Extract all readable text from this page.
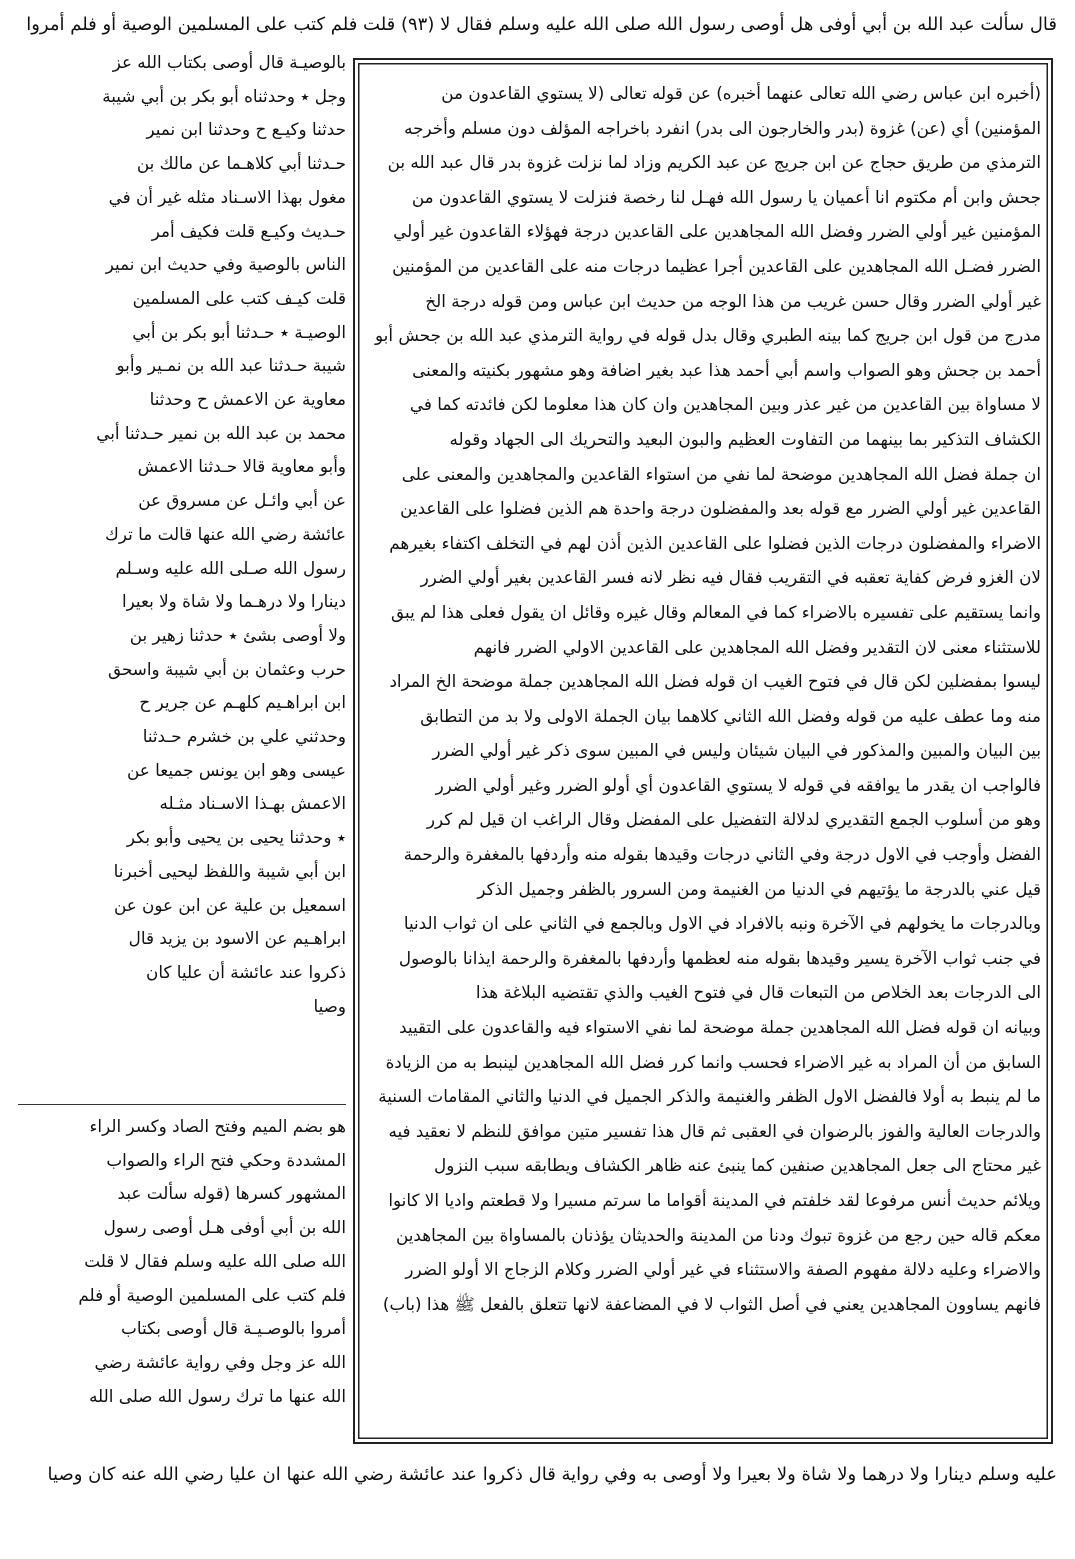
قال سألت عبد الله بن أبي أوفى هل أوصى رسول الله صلى الله عليه وسلم فقال لا (٩٣) قلت فلم كتب على المسلمين الوصية أو فلم أمروا
بالوصيـة قال أوصى بكتاب الله عز
وجل ٭ وحدثناه أبو بكر بن أبي شيبة
حدثنا وكيـع ح وحدثنا ابن نمير
حـدثنا أبي كلاهـما عن مالك بن
مغول بهذا الاسـناد مثله غير أن في
حـديث وكيـع قلت فكيف أمر
الناس بالوصية وفي حديث ابن نمير
قلت كيـف كتب على المسلمين
الوصيـة ٭ حـدثنا أبو بكر بن أبي
شيبة حـدثنا عبد الله بن نمـير وأبو
معاوية عن الاعمش ح وحدثنا
محمد بن عبد الله بن نمير حـدثنا أبي
وأبو معاوية قالا حـدثنا الاعمش
عن أبي وائـل عن مسروق عن
عائشة رضي الله عنها قالت ما ترك
رسول الله صـلى الله عليه وسـلم
دينارا ولا درهـما ولا شاة ولا بعيرا
ولا أوصى بشئ ٭ حدثنا زهير بن
حرب وعثمان بن أبي شيبة واسحق
ابن ابراهـيم كلهـم عن جرير ح
وحدثني علي بن خشرم حـدثنا
عيسى وهو ابن يونس جميعا عن
الاعمش بهـذا الاسـناد مثـله
٭ وحدثنا يحيى بن يحيى وأبو بكر
ابن أبي شيبة واللفظ ليحيى أخبرنا
اسمعيل بن علية عن ابن عون عن
ابراهـيم عن الاسود بن يزيد قال
ذكروا عند عائشة أن عليا كان
وصيا
هو بضم الميم وفتح الصاد وكسر الراء
المشددة وحكي فتح الراء والصواب
المشهور كسرها (قوله سألت عبد
الله بن أبي أوفى هـل أوصى رسول
الله صلى الله عليه وسلم فقال لا قلت
فلم كتب على المسلمين الوصية أو فلم
أمروا بالوصـيـة قال أوصى بكتاب
الله عز وجل وفي رواية عائشة رضي
الله عنها ما ترك رسول الله صلى الله
(أخبره ابن عباس رضي الله تعالى عنهما أخبره) عن قوله تعالى (لا يستوي القاعدون من
المؤمنين) أي (عن) غزوة (بدر والخارجون الى بدر) انفرد باخراجه المؤلف دون مسلم وأخرجه
الترمذي من طريق حجاج عن ابن جريج عن عبد الكريم وزاد لما نزلت غزوة بدر قال عبد الله بن
جحش وابن أم مكتوم انا أعميان يا رسول الله فهـل لنا رخصة فنزلت لا يستوي القاعدون من
المؤمنين غير أولي الضرر وفضل الله المجاهدين على القاعدين درجة فهؤلاء القاعدون غير أولي
الضرر فضـل الله المجاهدين على القاعدين أجرا عظيما درجات منه على القاعدين من المؤمنين
غير أولي الضرر وقال حسن غريب من هذا الوجه من حديث ابن عباس ومن قوله درجة الخ
مدرج من قول ابن جريج كما بينه الطبري وقال بدل قوله في رواية الترمذي عبد الله بن جحش أبو
أحمد بن جحش وهو الصواب واسم أبي أحمد هذا عبد بغير اضافة وهو مشهور بكنيته والمعنى
لا مساواة بين القاعدين من غير عذر وبين المجاهدين وان كان هذا معلوما لكن فائدته كما في
الكشاف التذكير بما بينهما من التفاوت العظيم والبون البعيد والتحريك الى الجهاد وقوله
ان جملة فضل الله المجاهدين موضحة لما نفي من استواء القاعدين والمجاهدين والمعنى على
القاعدين غير أولي الضرر مع قوله بعد والمفضلون درجة واحدة هم الذين فضلوا على القاعدين
الاضراء والمفضلون درجات الذين فضلوا على القاعدين الذين أذن لهم في التخلف اكتفاء بغيرهم
لان الغزو فرض كفاية تعقبه في التقريب فقال فيه نظر لانه فسر القاعدين بغير أولي الضرر
وانما يستقيم على تفسيره بالاضراء كما في المعالم وقال غيره وقائل ان يقول فعلى هذا لم يبق
للاستثناء معنى لان التقدير وفضل الله المجاهدين على القاعدين الاولي الضرر فانهم
ليسوا بمفضلين لكن قال في فتوح الغيب ان قوله فضل الله المجاهدين جملة موضحة الخ المراد
منه وما عطف عليه من قوله وفضل الله الثاني كلاهما بيان الجملة الاولى ولا بد من التطابق
بين البيان والمبين والمذكور في البيان شيئان وليس في المبين سوى ذكر غير أولي الضرر
فالواجب ان يقدر ما يوافقه في قوله لا يستوي القاعدون أي أولو الضرر وغير أولي الضرر
وهو من أسلوب الجمع التقديري لدلالة التفضيل على المفضل وقال الراغب ان قيل لم كرر
الفضل وأوجب في الاول درجة وفي الثاني درجات وقيدها بقوله منه وأردفها بالمغفرة والرحمة
قيل عني بالدرجة ما يؤتيهم في الدنيا من الغنيمة ومن السرور بالظفر وجميل الذكر
وبالدرجات ما يخولهم في الآخرة ونبه بالافراد في الاول وبالجمع في الثاني على ان ثواب الدنيا
في جنب ثواب الآخرة يسير وقيدها بقوله منه لعظمها وأردفها بالمغفرة والرحمة ايذانا بالوصول
الى الدرجات بعد الخلاص من التبعات قال في فتوح الغيب والذي تقتضيه البلاغة هذا
وبيانه ان قوله فضل الله المجاهدين جملة موضحة لما نفي الاستواء فيه والقاعدون على التقييد
السابق من أن المراد به غير الاضراء فحسب وانما كرر فضل الله المجاهدين لينبط به من الزيادة
ما لم ينبط به أولا فالفضل الاول الظفر والغنيمة والذكر الجميل في الدنيا والثاني المقامات السنية
والدرجات العالية والفوز بالرضوان في العقبى ثم قال هذا تفسير متين موافق للنظم لا نعقيد فيه
غير محتاج الى جعل المجاهدين صنفين كما ينبئ عنه ظاهر الكشاف ويطابقه سبب النزول
ويلائم حديث أنس مرفوعا لقد خلفتم في المدينة أقواما ما سرتم مسيرا ولا قطعتم واديا الا كانوا
معكم قاله حين رجع من غزوة تبوك ودنا من المدينة والحديثان يؤذنان بالمساواة بين المجاهدين
والاضراء وعليه دلالة مفهوم الصفة والاستثناء في غير أولي الضرر وكلام الزجاج الا أولو الضرر
فانهم يساوون المجاهدين يعني في أصل الثواب لا في المضاعفة لانها تتعلق بالفعل ﷺ هذا (باب)
عليه وسلم دينارا ولا درهما ولا شاة ولا بعيرا ولا أوصى به وفي رواية قال ذكروا عند عائشة رضي الله عنها ان عليا رضي الله عنه كان وصيا
